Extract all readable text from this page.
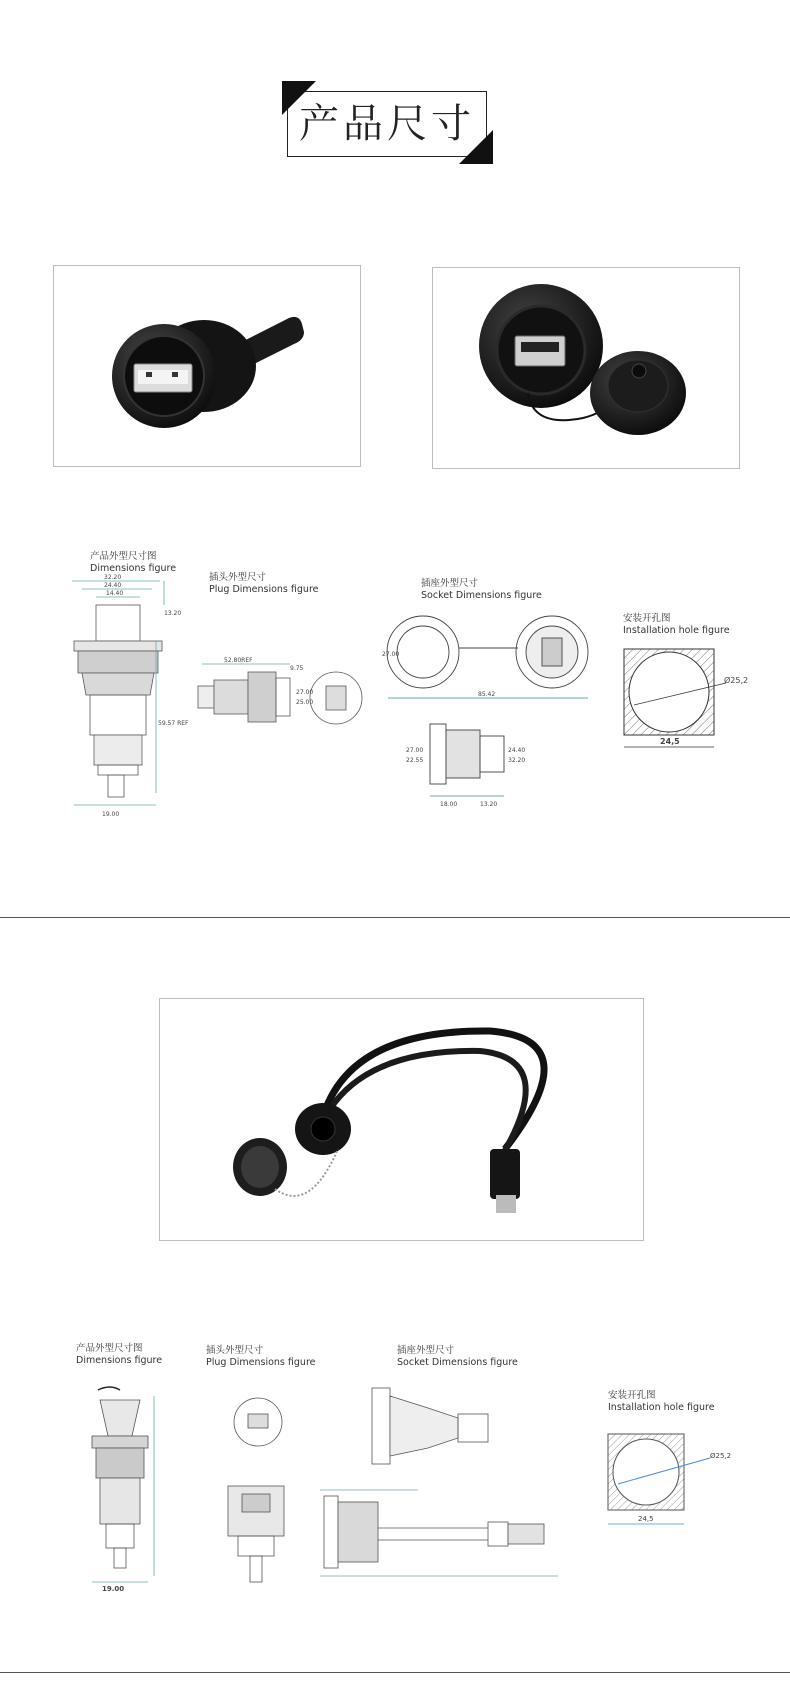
产品尺寸
产品外型尺寸图
Dimensions figure
插头外型尺寸
Plug Dimensions figure
插座外型尺寸
Socket Dimensions figure
安装开孔图
Installation hole figure
32.20
24.40
14.40
13.20
59.57 REF
19.00
52.80REF
9.75
27.00
25.00
27.00
85.42
27.00
22.55
24.40
32.20
18.00	13.20
Ø25,2
24,5
产品外型尺寸图
Dimensions figure
插头外型尺寸
Plug Dimensions figure
插座外型尺寸
Socket Dimensions figure
安装开孔图
Installation hole figure
19.00
Ø25,2
24,5
